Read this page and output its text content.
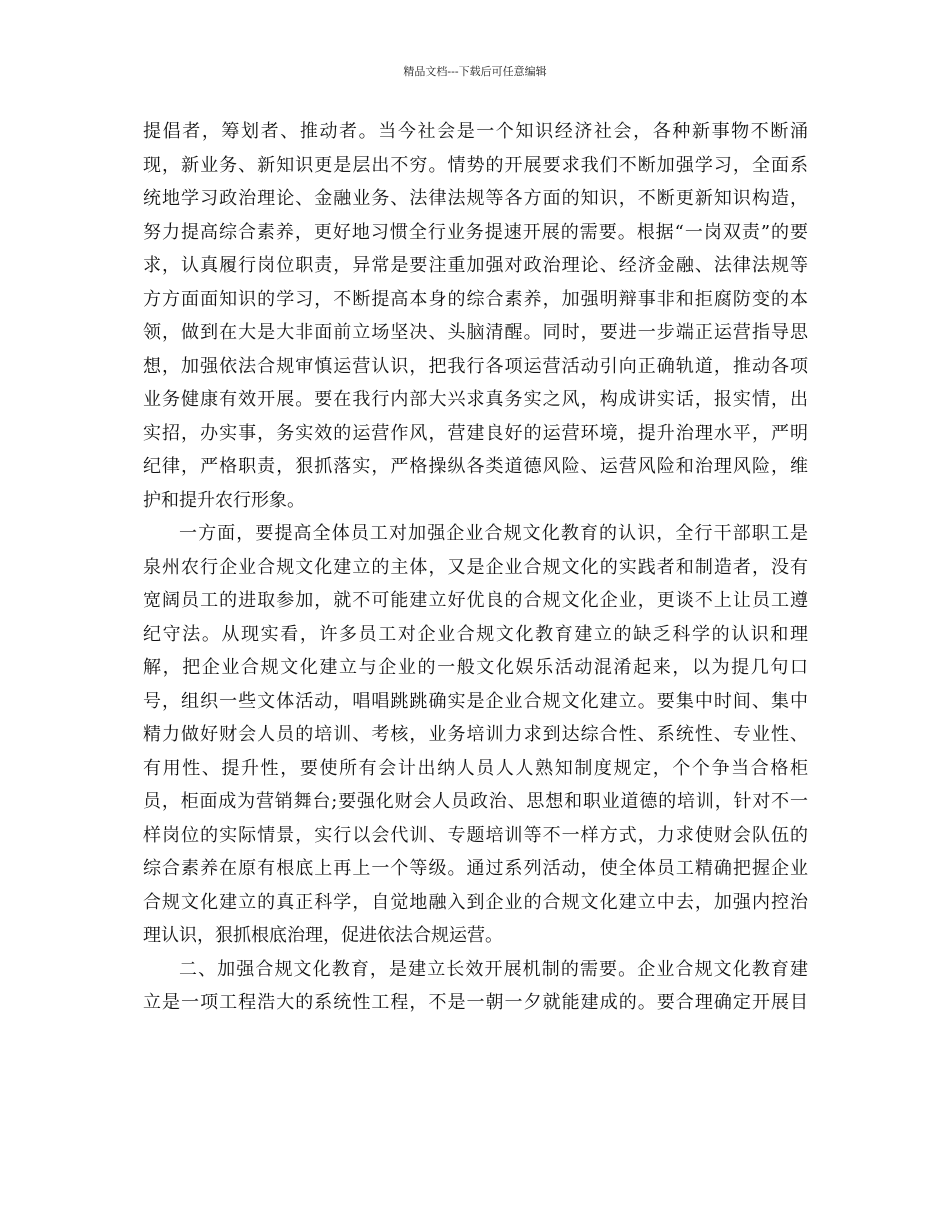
精品文档---下载后可任意编辑
提倡者，筹划者、推动者。当今社会是一个知识经济社会，各种新事物不断涌
现，新业务、新知识更是层出不穷。情势的开展要求我们不断加强学习，全面系
统地学习政治理论、金融业务、法律法规等各方面的知识，不断更新知识构造，
努力提高综合素养，更好地习惯全行业务提速开展的需要。根据“一岗双责”的要
求，认真履行岗位职责，异常是要注重加强对政治理论、经济金融、法律法规等
方方面面知识的学习，不断提高本身的综合素养，加强明辩事非和拒腐防变的本
领，做到在大是大非面前立场坚决、头脑清醒。同时，要进一步端正运营指导思
想，加强依法合规审慎运营认识，把我行各项运营活动引向正确轨道，推动各项
业务健康有效开展。要在我行内部大兴求真务实之风，构成讲实话，报实情，出
实招，办实事，务实效的运营作风，营建良好的运营环境，提升治理水平，严明
纪律，严格职责，狠抓落实，严格操纵各类道德风险、运营风险和治理风险，维
护和提升农行形象。
一方面，要提高全体员工对加强企业合规文化教育的认识，全行干部职工是
泉州农行企业合规文化建立的主体，又是企业合规文化的实践者和制造者，没有
宽阔员工的进取参加，就不可能建立好优良的合规文化企业，更谈不上让员工遵
纪守法。从现实看，许多员工对企业合规文化教育建立的缺乏科学的认识和理
解，把企业合规文化建立与企业的一般文化娱乐活动混淆起来，以为提几句口
号，组织一些文体活动，唱唱跳跳确实是企业合规文化建立。要集中时间、集中
精力做好财会人员的培训、考核，业务培训力求到达综合性、系统性、专业性、
有用性、提升性，要使所有会计出纳人员人人熟知制度规定，个个争当合格柜
员，柜面成为营销舞台;要强化财会人员政治、思想和职业道德的培训，针对不一
样岗位的实际情景，实行以会代训、专题培训等不一样方式，力求使财会队伍的
综合素养在原有根底上再上一个等级。通过系列活动，使全体员工精确把握企业
合规文化建立的真正科学，自觉地融入到企业的合规文化建立中去，加强内控治
理认识，狠抓根底治理，促进依法合规运营。
二、加强合规文化教育，是建立长效开展机制的需要。企业合规文化教育建
立是一项工程浩大的系统性工程，不是一朝一夕就能建成的。要合理确定开展目
